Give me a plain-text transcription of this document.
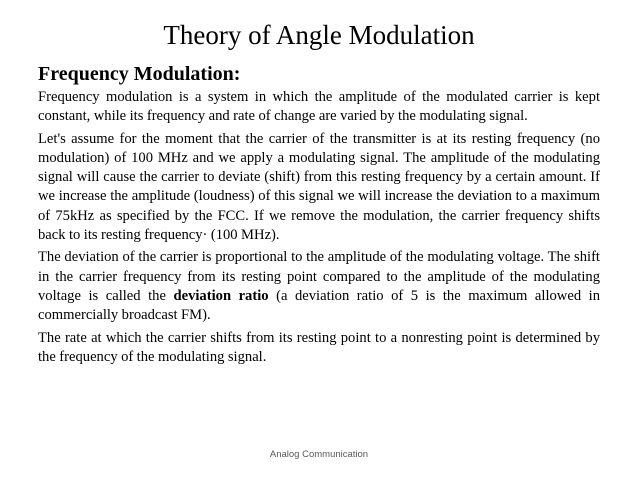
Theory of Angle Modulation
Frequency Modulation:

Frequency modulation is a system in which the amplitude of the modulated carrier is kept constant, while its frequency and rate of change are varied by the modulating signal.

Let's assume for the moment that the carrier of the transmitter is at its resting frequency (no modulation) of 100 MHz and we apply a modulating signal. The amplitude of the modulating signal will cause the carrier to deviate (shift) from this resting frequency by a certain amount. If we increase the amplitude (loudness) of this signal we will increase the deviation to a maximum of 75kHz as specified by the FCC. If we remove the modulation, the carrier frequency shifts back to its resting frequency· (100 MHz).

The deviation of the carrier is proportional to the amplitude of the modulating voltage. The shift in the carrier frequency from its resting point compared to the amplitude of the modulating voltage is called the deviation ratio (a deviation ratio of 5 is the maximum allowed in commercially broadcast FM).

The rate at which the carrier shifts from its resting point to a nonresting point is determined by the frequency of the modulating signal.

Analog Communication
